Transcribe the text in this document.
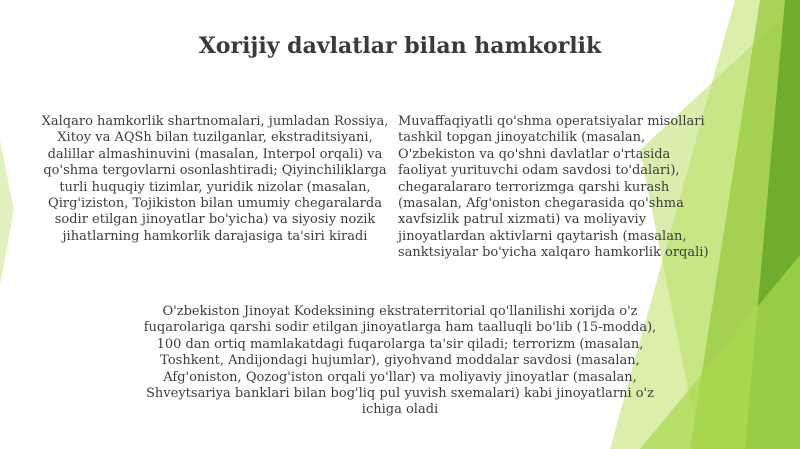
Xorijiy davlatlar bilan hamkorlik

Xalqaro hamkorlik shartnomalari, jumladan Rossiya, Xitoy va AQSh bilan tuzilganlar, ekstraditsiyani, dalillar almashinuvini (masalan, Interpol orqali) va qo'shma tergovlarni osonlashtiradi; Qiyinchiliklarga turli huquqiy tizimlar, yuridik nizolar (masalan, Qirg'iziston, Tojikiston bilan umumiy chegaralarda sodir etilgan jinoyatlar bo'yicha) va siyosiy nozik jihatlarning hamkorlik darajasiga ta'siri kiradi

Muvaffaqiyatli qo'shma operatsiyalar misollari
tashkil topgan jinoyatchilik (masalan,
O'zbekiston va qo'shni davlatlar o'rtasida
faoliyat yurituvchi odam savdosi to'dalari),
chegaralararo terrorizmga qarshi kurash
(masalan, Afg'oniston chegarasida qo'shma
xavfsizlik patrul xizmati) va moliyaviy
jinoyatlardan aktivlarni qaytarish (masalan,
sanktsiyalar bo'yicha xalqaro hamkorlik orqali)

O'zbekiston Jinoyat Kodeksining ekstraterritorial qo'llanilishi xorijda o'z fuqarolariga qarshi sodir etilgan jinoyatlarga ham taalluqli bo'lib (15-modda), 100 dan ortiq mamlakatdagi fuqarolarga ta'sir qiladi; terrorizm (masalan, Toshkent, Andijondagi hujumlar), giyohvand moddalar savdosi (masalan, Afg'oniston, Qozog'iston orqali yo'llar) va moliyaviy jinoyatlar (masalan, Shveytsariya banklari bilan bog'liq pul yuvish sxemalari) kabi jinoyatlarni o'z ichiga oladi
